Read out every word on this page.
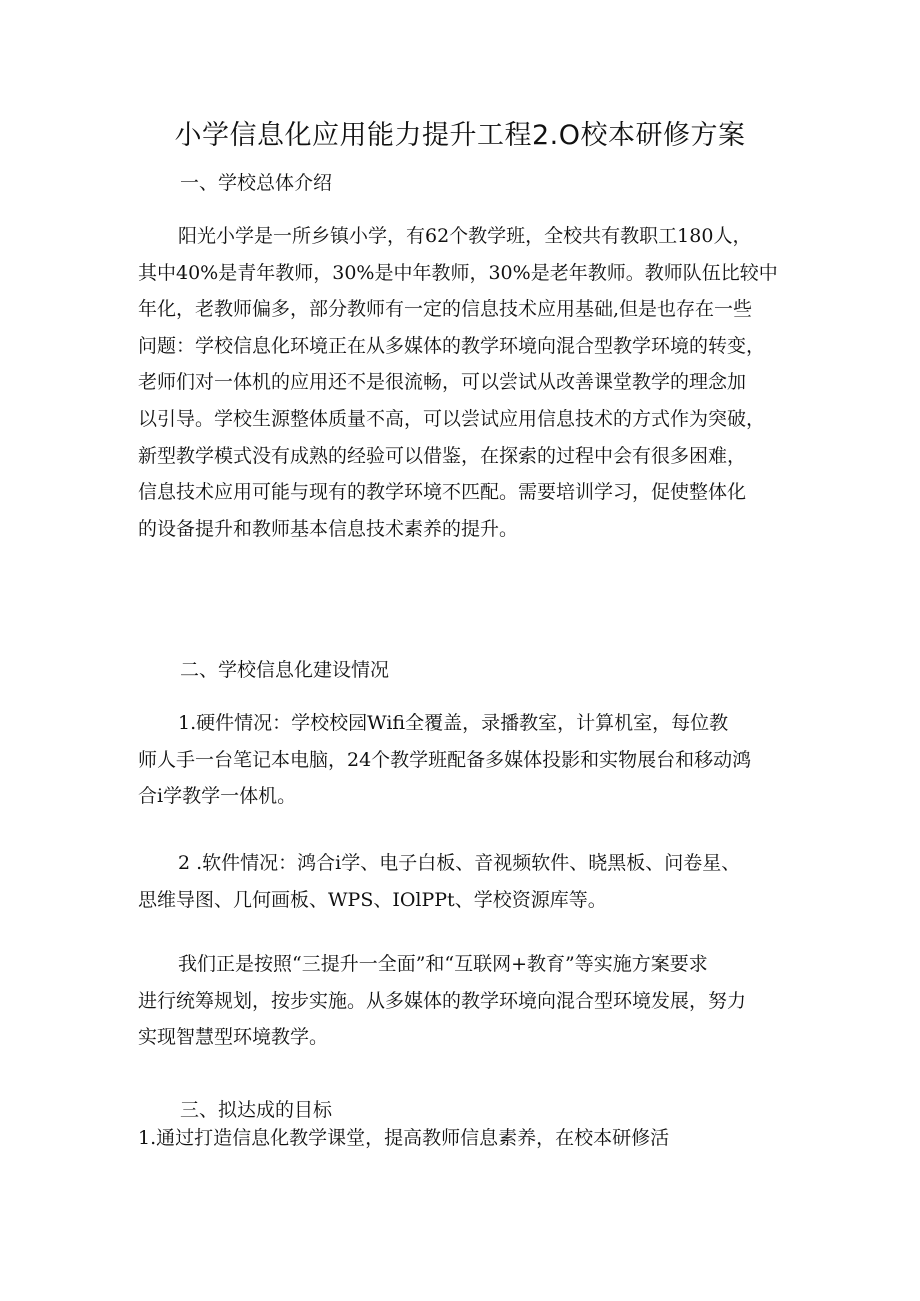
小学信息化应用能力提升工程2.O校本研修方案
一、学校总体介绍
阳光小学是一所乡镇小学，有62个教学班，全校共有教职工180人，
其中40%是青年教师，30%是中年教师，30%是老年教师。教师队伍比较中
年化，老教师偏多，部分教师有一定的信息技术应用基础,但是也存在一些
问题：学校信息化环境正在从多媒体的教学环境向混合型教学环境的转变，
老师们对一体机的应用还不是很流畅，可以尝试从改善课堂教学的理念加
以引导。学校生源整体质量不高，可以尝试应用信息技术的方式作为突破，
新型教学模式没有成熟的经验可以借鉴，在探索的过程中会有很多困难，
信息技术应用可能与现有的教学环境不匹配。需要培训学习，促使整体化
的设备提升和教师基本信息技术素养的提升。
二、学校信息化建设情况
1.硬件情况：学校校园Wifi全覆盖，录播教室，计算机室，每位教
师人手一台笔记本电脑，24个教学班配备多媒体投影和实物展台和移动鸿
合i学教学一体机。
2 .软件情况：鸿合i学、电子白板、音视频软件、晓黑板、问卷星、
思维导图、几何画板、WPS、IOlPPt、学校资源库等。
我们正是按照“三提升一全面”和“互联网+教育”等实施方案要求
进行统筹规划，按步实施。从多媒体的教学环境向混合型环境发展，努力
实现智慧型环境教学。
三、拟达成的目标

1.通过打造信息化教学课堂，提高教师信息素养，在校本研修活
